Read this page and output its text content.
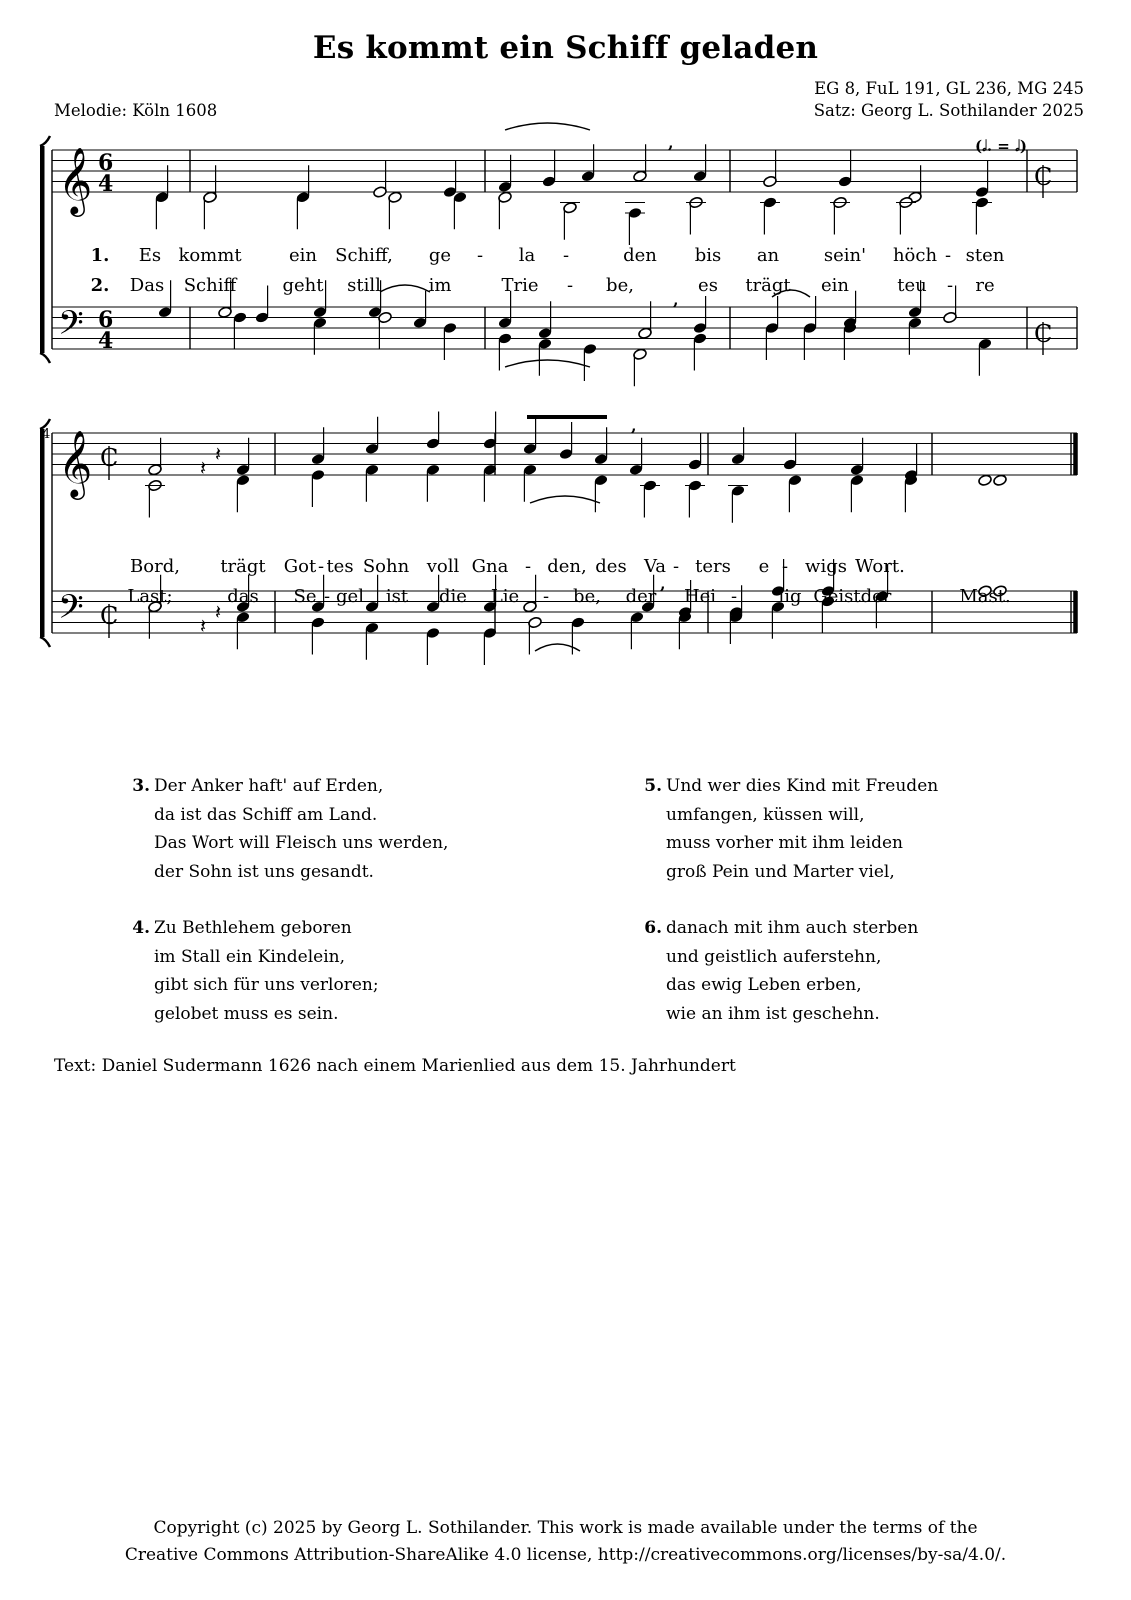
Es kommt ein Schiff geladen
EG 8, FuL 191, GL 236, MG 245
Melodie: Köln 1608	Satz: Georg L. Sothilander 2025
𝄞
𝄢
6
4
6
4
C
C
(𝅗𝅥. = 𝅗𝅥)
𝄞
𝄢
C
C
4
𝄽
𝄽
𝄽
𝄽
,
,
,
,
1. Es kommt	ein Schiff, ge - la -	den bis an sein' höch - sten
2. Das Schiff	geht still	im	Trie - be,	es trägt ein	teu - re
Bord, trägt Got - tes Sohn voll Gna - den, des Va - ters e - wigs Wort.
Last;	das Se - gel ist die Lie - be, der Hei - lig Geist der	Mast.
3. Der Anker haft' auf Erden,
da ist das Schiff am Land.
Das Wort will Fleisch uns werden,
der Sohn ist uns gesandt.
4. Zu Bethlehem geboren
im Stall ein Kindelein,
gibt sich für uns verloren;
gelobet muss es sein.
5. Und wer dies Kind mit Freuden
umfangen, küssen will,
muss vorher mit ihm leiden
groß Pein und Marter viel,
6. danach mit ihm auch sterben
und geistlich auferstehn,
das ewig Leben erben,
wie an ihm ist geschehn.
Text: Daniel Sudermann 1626 nach einem Marienlied aus dem 15. Jahrhundert
Copyright (c) 2025 by Georg L. Sothilander. This work is made available under the terms of the
Creative Commons Attribution-ShareAlike 4.0 license, http://creativecommons.org/licenses/by-sa/4.0/.
